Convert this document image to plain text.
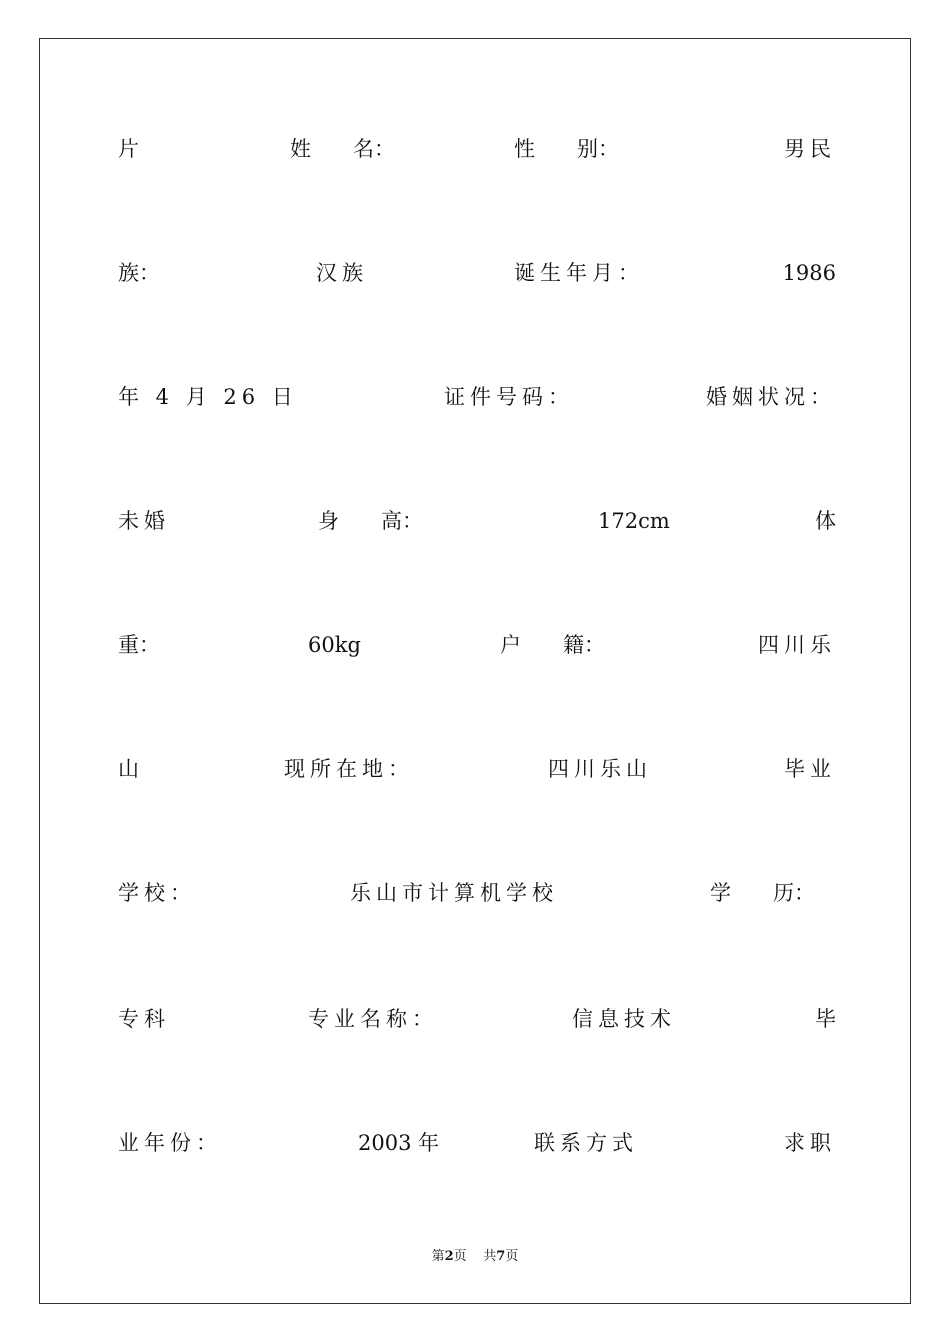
片	姓　　名：	性　　别：	男民
族：	汉族	诞生年月：	1986
年 4 月 26 日	证件号码：	婚姻状况：
未婚	身　　高：	172cm	体
重：	60kg	户　　籍：	四川乐
山	现所在地：	四川乐山	毕业
学校：	乐山市计算机学校	学　　历：
专科	专业名称：	信息技术	毕
业年份：	2003 年	联系方式	求职
第2页 共7页
